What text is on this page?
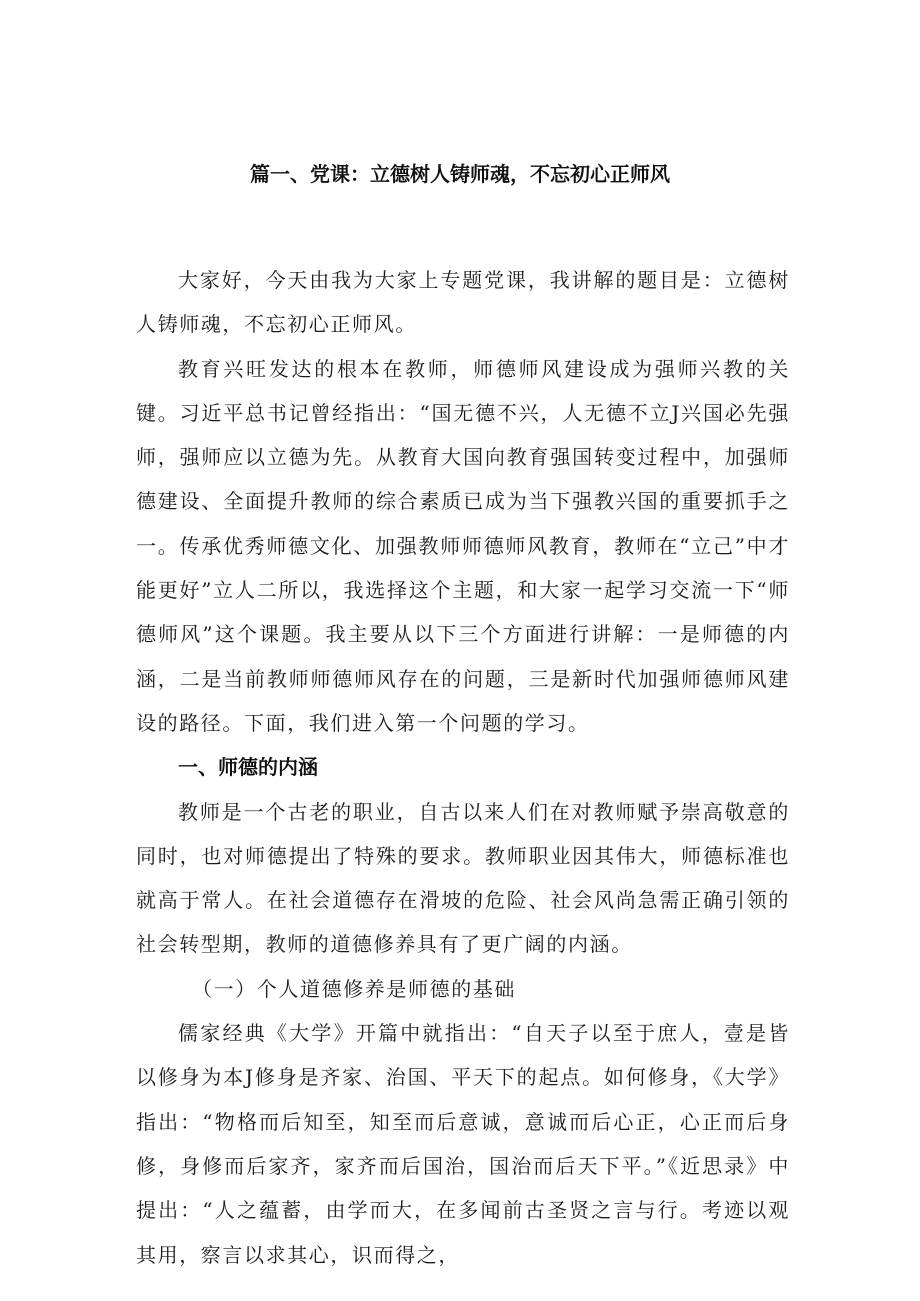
篇一、党课：立德树人铸师魂，不忘初心正师风

大家好，今天由我为大家上专题党课，我讲解的题目是：立德树人铸师魂，不忘初心正师风。

教育兴旺发达的根本在教师，师德师风建设成为强师兴教的关键。习近平总书记曾经指出：“国无德不兴，人无德不立J兴国必先强师，强师应以立德为先。从教育大国向教育强国转变过程中，加强师德建设、全面提升教师的综合素质已成为当下强教兴国的重要抓手之一。传承优秀师德文化、加强教师师德师风教育，教师在“立己”中才能更好”立人二所以，我选择这个主题，和大家一起学习交流一下“师德师风”这个课题。我主要从以下三个方面进行讲解：一是师德的内涵，二是当前教师师德师风存在的问题，三是新时代加强师德师风建设的路径。下面，我们进入第一个问题的学习。

一、师德的内涵

教师是一个古老的职业，自古以来人们在对教师赋予崇高敬意的同时，也对师德提出了特殊的要求。教师职业因其伟大，师德标准也就高于常人。在社会道德存在滑坡的危险、社会风尚急需正确引领的社会转型期，教师的道德修养具有了更广阔的内涵。

（一）个人道德修养是师德的基础

儒家经典《大学》开篇中就指出：“自天子以至于庶人，壹是皆以修身为本J修身是齐家、治国、平天下的起点。如何修身，《大学》指出：“物格而后知至，知至而后意诚，意诚而后心正，心正而后身修，身修而后家齐，家齐而后国治，国治而后天下平。”《近思录》中提出：“人之蕴蓄，由学而大，在多闻前古圣贤之言与行。考迹以观其用，察言以求其心，识而得之，
